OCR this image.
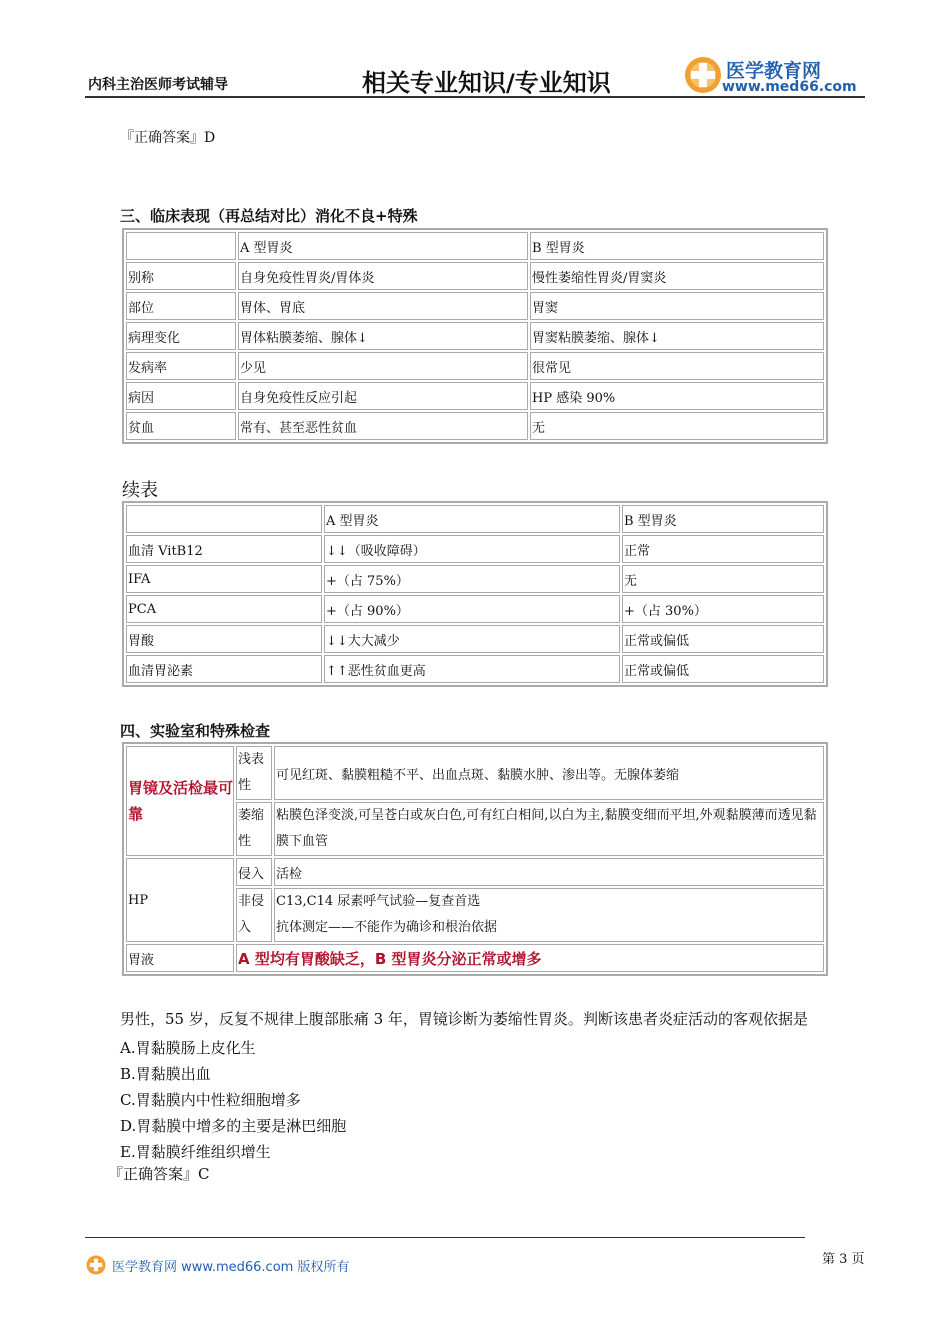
内科主治医师考试辅导	相关专业知识/专业知识	医学教育网
www.med66.com
『正确答案』D
三、临床表现（再总结对比）消化不良+特殊
	A 型胃炎	B 型胃炎
别称	自身免疫性胃炎/胃体炎	慢性萎缩性胃炎/胃窦炎
部位	胃体、胃底	胃窦
病理变化	胃体粘膜萎缩、腺体↓	胃窦粘膜萎缩、腺体↓
发病率	少见	很常见
病因	自身免疫性反应引起	HP 感染 90%
贫血	常有、甚至恶性贫血	无
续表
	A 型胃炎	B 型胃炎
血清 VitB12	↓↓（吸收障碍）	正常
IFA	+（占 75%）	无
PCA	+（占 90%）	+（占 30%）
胃酸	↓↓大大减少	正常或偏低
血清胃泌素	↑↑恶性贫血更高	正常或偏低
四、实验室和特殊检查
胃镜及活检最可靠	浅表性	可见红斑、黏膜粗糙不平、出血点斑、黏膜水肿、渗出等。无腺体萎缩
	萎缩性	粘膜色泽变淡,可呈苍白或灰白色,可有红白相间,以白为主,黏膜变细而平坦,外观黏膜薄而透见黏膜下血管
HP	侵入	活检
	非侵入	C13,C14 尿素呼气试验—复查首选
抗体测定——不能作为确诊和根治依据

胃液	A 型均有胃酸缺乏，B 型胃炎分泌正常或增多	
男性，55 岁，反复不规律上腹部胀痛 3 年，胃镜诊断为萎缩性胃炎。判断该患者炎症活动的客观依据是
A.胃黏膜肠上皮化生
B.胃黏膜出血
C.胃黏膜内中性粒细胞增多
D.胃黏膜中增多的主要是淋巴细胞
E.胃黏膜纤维组织增生
『正确答案』C
医学教育网 www.med66.com 版权所有
第 3 页
